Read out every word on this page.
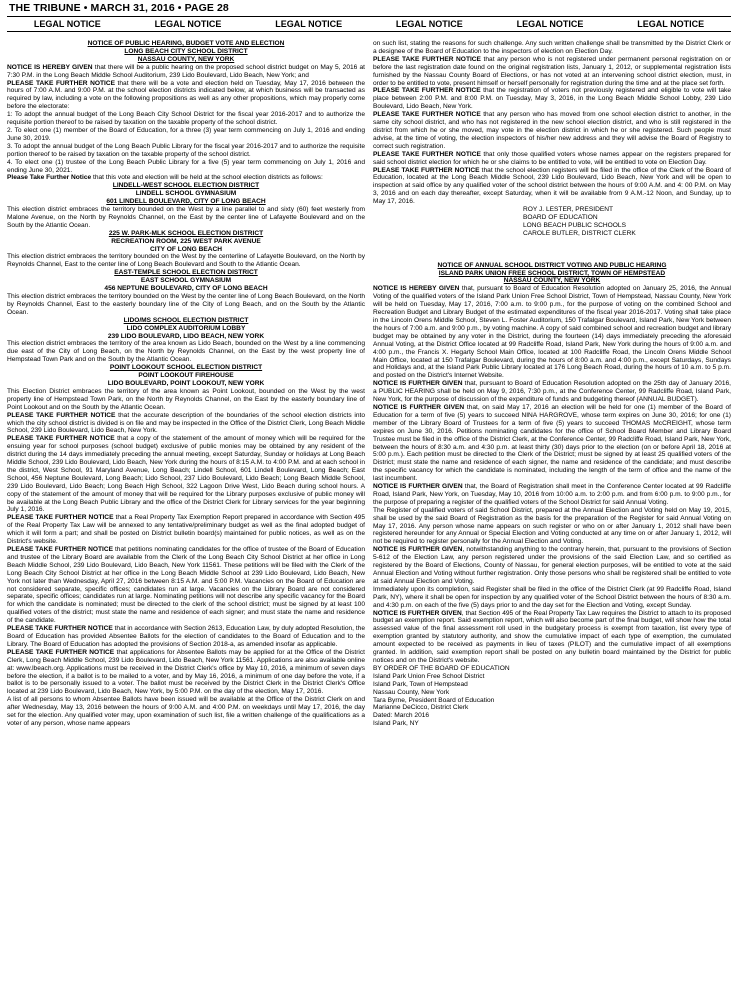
THE TRIBUNE • MARCH 31, 2016 • PAGE 28
LEGAL NOTICE	LEGAL NOTICE	LEGAL NOTICE	LEGAL NOTICE	LEGAL NOTICE	LEGAL NOTICE

NOTICE OF PUBLIC HEARING, BUDGET VOTE AND ELECTION

LONG BEACH CITY SCHOOL DISTRICT

NASSAU COUNTY, NEW YORK

NOTICE IS HEREBY GIVEN that there will be a public hearing on the proposed school district budget on May 5, 2016 at 7:30 P.M. in the Long Beach Middle School Auditorium, 239 Lido Boulevard, Lido Beach, New York; and

PLEASE TAKE FURTHER NOTICE that there will be a vote and election held on Tuesday, May 17, 2016 between the hours of 7:00 A.M. and 9:00 P.M. at the school election districts indicated below, at which business will be transacted as required by law, including a vote on the following propositions as well as any other propositions, which may properly come before the electorate:

1: To adopt the annual budget of the Long Beach City School District for the fiscal year 2016-2017 and to authorize the requisite portion thereof to be raised by taxation on the taxable property of the school district.

2. To elect one (1) member of the Board of Education, for a three (3) year term commencing on July 1, 2016 and ending June 30, 2019.

3. To adopt the annual budget of the Long Beach Public Library for the fiscal year 2016-2017 and to authorize the requisite portion thereof to be raised by taxation on the taxable property of the school district.

4. To elect one (1) trustee of the Long Beach Public Library for a five (5) year term commencing on July 1, 2016 and ending June 30, 2021.

Please Take Further Notice that this vote and election will be held at the school election districts as follows:

LINDELL-WEST SCHOOL ELECTION DISTRICT

LINDELL SCHOOL GYMNASIUM

601 LINDELL BOULEVARD, CITY OF LONG BEACH

This election district embraces the territory bounded on the West by a line parallel to and sixty (60) feet westerly from Malone Avenue, on the North by Reynolds Channel, on the East by the center line of Lafayette Boulevard and on the South by the Atlantic Ocean.

225 W. PARK-MLK SCHOOL ELECTION DISTRICT

RECREATION ROOM, 225 WEST PARK AVENUE

CITY OF LONG BEACH

This election district embraces the territory bounded on the West by the centerline of Lafayette Boulevard, on the North by Reynolds Channel, East to the center line of Long Beach Boulevard and South to the Atlantic Ocean.

EAST-TEMPLE SCHOOL ELECTION DISTRICT

EAST SCHOOL GYMNASIUM

456 NEPTUNE BOULEVARD, CITY OF LONG BEACH

This election district embraces the territory bounded on the West by the center line of Long Beach Boulevard, on the North by Reynolds Channel, East to the easterly boundary line of the City of Long Beach, and on the South by the Atlantic Ocean.

LIDO/MS SCHOOL ELECTION DISTRICT

LIDO COMPLEX AUDITORIUM LOBBY

239 LIDO BOULEVARD, LIDO BEACH, NEW YORK

This election district embraces the territory of the area known as Lido Beach, bounded on the West by a line commencing due east of the City of Long Beach, on the North by Reynolds Channel, on the East by the west property line of Hempstead Town Park and on the South by the Atlantic Ocean.

POINT LOOKOUT SCHOOL ELECTION DISTRICT

POINT LOOKOUT FIREHOUSE

LIDO BOULEVARD, POINT LOOKOUT, NEW YORK

This Election District embraces the territory of the area known as Point Lookout, bounded on the West by the west property line of Hempstead Town Park, on the North by Reynolds Channel, on the East by the easterly boundary line of Point Lookout and on the South by the Atlantic Ocean.

PLEASE TAKE FURTHER NOTICE that the accurate description of the boundaries of the school election districts into which the city school district is divided is on file and may be inspected in the Office of the District Clerk, Long Beach Middle School, 239 Lido Boulevard, Lido Beach, New York.

PLEASE TAKE FURTHER NOTICE that a copy of the statement of the amount of money which will be required for the ensuing year for school purposes (school budget) exclusive of public monies may be obtained by any resident of the district during the 14 days immediately preceding the annual meeting, except Saturday, Sunday or holidays at Long Beach Middle School, 239 Lido Boulevard, Lido Beach, New York during the hours of 8:15 A.M. to 4:00 P.M. and at each school in the district, West School, 91 Maryland Avenue, Long Beach; Lindell School, 601 Lindell Boulevard, Long Beach; East School, 456 Neptune Boulevard, Long Beach; Lido School, 237 Lido Boulevard, Lido Beach; Long Beach Middle School, 239 Lido Boulevard, Lido Beach; Long Beach High School, 322 Lagoon Drive West, Lido Beach during school hours. A copy of the statement of the amount of money that will be required for the Library purposes exclusive of public money will be available at the Long Beach Public Library and the office of the District Clerk for Library services for the year beginning July 1, 2016.

PLEASE TAKE FURTHER NOTICE that a Real Property Tax Exemption Report prepared in accordance with Section 495 of the Real Property Tax Law will be annexed to any tentative/preliminary budget as well as the final adopted budget of which it will form a part; and shall be posted on District bulletin board(s) maintained for public notices, as well as on the District's website.

PLEASE TAKE FURTHER NOTICE that petitions nominating candidates for the office of trustee of the Board of Education and trustee of the Library Board are available from the Clerk of the Long Beach City School District at her office in Long Beach Middle School, 239 Lido Boulevard, Lido Beach, New York 11561. These petitions will be filed with the Clerk of the Long Beach City School District at her office in the Long Beach Middle School at 239 Lido Boulevard, Lido Beach, New York not later than Wednesday, April 27, 2016 between 8:15 A.M. and 5:00 P.M. Vacancies on the Board of Education are not considered separate, specific offices; candidates run at large. Vacancies on the Library Board are not considered separate, specific offices; candidates run at large. Nominating petitions will not describe any specific vacancy for the Board for which the candidate is nominated; must be directed to the clerk of the school district; must be signed by at least 100 qualified voters of the district; must state the name and residence of each signer; and must state the name and residence of the candidate.

PLEASE TAKE FURTHER NOTICE that in accordance with Section 2613, Education Law, by duly adopted Resolution, the Board of Education has provided Absentee Ballots for the election of candidates to the Board of Education and to the Library. The Board of Education has adopted the provisions of Section 2018-a, as amended insofar as applicable.

PLEASE TAKE FURTHER NOTICE that applications for Absentee Ballots may be applied for at the Office of the District Clerk, Long Beach Middle School, 239 Lido Boulevard, Lido Beach, New York 11561. Applications are also available online at: www.lbeach.org. Applications must be received in the District Clerk's office by May 10, 2016, a minimum of seven days before the election, if a ballot is to be mailed to a voter, and by May 16, 2016, a minimum of one day before the vote, if a ballot is to be personally issued to a voter. The ballot must be received by the District Clerk in the District Clerk's Office located at 239 Lido Boulevard, Lido Beach, New York, by 5:00 P.M. on the day of the election, May 17, 2016.

A list of all persons to whom Absentee Ballots have been issued will be available at the Office of the District Clerk on and after Wednesday, May 13, 2016 between the hours of 9:00 A.M. and 4:00 P.M. on weekdays until May 17, 2016, the day set for the election. Any qualified voter may, upon examination of such list, file a written challenge of the qualifications as a voter of any person, whose name appears

on such list, stating the reasons for such challenge. Any such written challenge shall be transmitted by the District Clerk or a designee of the Board of Education to the inspectors of election on Election Day.

PLEASE TAKE FURTHER NOTICE that any person who is not registered under permanent personal registration on or before the last registration date found on the original registration lists, January 1, 2012, or supplemental registration lists furnished by the Nassau County Board of Elections, or has not voted at an intervening school district election, must, in order to be entitled to vote, present himself or herself personally for registration during the time and at the place set forth.

PLEASE TAKE FURTHER NOTICE that the registration of voters not previously registered and eligible to vote will take place between 2:00 P.M. and 8:00 P.M. on Tuesday, May 3, 2016, in the Long Beach Middle School Lobby, 239 Lido Boulevard, Lido Beach, New York.

PLEASE TAKE FURTHER NOTICE that any person who has moved from one school election district to another, in the same city school district, and who has not registered in the new school election district, and who is still registered in the district from which he or she moved, may vote in the election district in which he or she registered. Such people must advise, at the time of voting, the election inspectors of his/her new address and they will advise the Board of Registry to correct such registration.

PLEASE TAKE FURTHER NOTICE that only those qualified voters whose names appear on the registers prepared for said school district election for which he or she claims to be entitled to vote, will be entitled to vote on Election Day.

PLEASE TAKE FURTHER NOTICE that the school election registers will be filed in the office of the Clerk of the Board of Education, located at the Long Beach Middle School, 239 Lido Boulevard, Lido Beach, New York and will be open to inspection at said office by any qualified voter of the school district between the hours of 9:00 A.M. and 4: 00 P.M. on May 3, 2016 and on each day thereafter, except Saturday, when it will be available from 9 A.M.-12 Noon, and Sunday, up to May 17, 2016.

ROY J. LESTER, PRESIDENT

BOARD OF EDUCATION

LONG BEACH PUBLIC SCHOOLS

CAROLE BUTLER, DISTRICT CLERK

NOTICE OF ANNUAL SCHOOL DISTRICT VOTING AND PUBLIC HEARING

ISLAND PARK UNION FREE SCHOOL DISTRICT, TOWN OF HEMPSTEAD

NASSAU COUNTY, NEW YORK

NOTICE IS HEREBY GIVEN that, pursuant to Board of Education Resolution adopted on January 25, 2016, the Annual Voting of the qualified voters of the Island Park Union Free School District, Town of Hempstead, Nassau County, New York will be held on Tuesday, May 17, 2016, 7:00 a.m. to 9:00 p.m., for the purpose of voting on the combined School and Recreation Budget and Library Budget of the estimated expenditures of the fiscal year 2016-2017. Voting shall take place in the Lincoln Orens Middle School, Steven L. Foster Auditorium, 150 Trafalgar Boulevard, Island Park, New York between the hours of 7:00 a.m. and 9:00 p.m., by voting machine. A copy of said combined school and recreation budget and library budget may be obtained by any voter in the District, during the fourteen (14) days immediately preceding the aforesaid Annual Voting, at the District Office located at 99 Radcliffe Road, Island Park, New York during the hours of 9:00 a.m. and 4:00 p.m., the Francis X. Hegarty School Main Office, located at 100 Radcliffe Road, the Lincoln Orens Middle School Main Office, located at 150 Trafalgar Boulevard, during the hours of 8:00 a.m. and 4:00 p.m., except Saturdays, Sundays and Holidays and, at the Island Park Public Library located at 176 Long Beach Road, during the hours of 10 a.m. to 5 p.m. and posted on the District's Internet Website.

NOTICE IS FURTHER GIVEN that, pursuant to Board of Education Resolution adopted on the 25th day of January 2016, a PUBLIC HEARING shall be held on May 9, 2016, 7:30 p.m., at the Conference Center, 99 Radcliffe Road, Island Park, New York, for the purpose of discussion of the expenditure of funds and budgeting thereof (ANNUAL BUDGET).

NOTICE IS FURTHER GIVEN that, on said May 17, 2016 an election will be held for one (1) member of the Board of Education for a term of five (5) years to succeed NINA HARGROVE, whose term expires on June 30, 2016; for one (1) member of the Library Board of Trustees for a term of five (5) years to succeed THOMAS McCREIGHT, whose term expires on June 30, 2016. Petitions nominating candidates for the office of School Board Member and Library Board Trustee must be filed in the office of the District Clerk, at the Conference Center, 99 Radcliffe Road, Island Park, New York, between the hours of 8:30 a.m. and 4:30 p.m. at least thirty (30) days prior to the election (on or before April 18, 2016 at 5:00 p.m.). Each petition must be directed to the Clerk of the District; must be signed by at least 25 qualified voters of the District; must state the name and residence of each signer, the name and residence of the candidate; and must describe the specific vacancy for which the candidate is nominated, including the length of the term of office and the name of the last incumbent.

NOTICE IS FURTHER GIVEN that, the Board of Registration shall meet in the Conference Center located at 99 Radcliffe Road, Island Park, New York, on Tuesday, May 10, 2016 from 10:00 a.m. to 2:00 p.m. and from 6:00 p.m. to 9:00 p.m., for the purpose of preparing a register of the qualified voters of the School District for said Annual Voting.

The Register of qualified voters of said School District, prepared at the Annual Election and Voting held on May 19, 2015, shall be used by the said Board of Registration as the basis for the preparation of the Register for said Annual Voting on May 17, 2016. Any person whose name appears on such register or who on or after January 1, 2012 shall have been registered hereunder for any Annual or Special Election and Voting conducted at any time on or after January 1, 2012, will not be required to register personally for the Annual Election and Voting.

NOTICE IS FURTHER GIVEN, notwithstanding anything to the contrary herein, that, pursuant to the provisions of Section 5-612 of the Election Law, any person registered under the provisions of the said Election Law, and so certified as registered by the Board of Elections, County of Nassau, for general election purposes, will be entitled to vote at the said Annual Election and Voting without further registration. Only those persons who shall be registered shall be entitled to vote at said Annual Election and Voting.

Immediately upon its completion, said Register shall be filed in the office of the District Clerk (at 99 Radcliffe Road, Island Park, NY), where it shall be open for inspection by any qualified voter of the School District between the hours of 8:30 a.m. and 4:30 p.m. on each of the five (5) days prior to and the day set for the Election and Voting, except Sunday.

NOTICE IS FURTHER GIVEN, that Section 495 of the Real Property Tax Law requires the District to attach to its proposed budget an exemption report. Said exemption report, which will also become part of the final budget, will show how the total assessed value of the final assessment roll used in the budgetary process is exempt from taxation, list every type of exemption granted by statutory authority, and show the cumulative impact of each type of exemption, the cumulated amount expected to be received as payments in lieu of taxes (PILOT) and the cumulative impact of all exemptions granted. In addition, said exemption report shall be posted on any bulletin board maintained by the District for public notices and on the District's website.

BY ORDER OF THE BOARD OF EDUCATION

Island Park Union Free School District

Island Park, Town of Hempstead

Nassau County, New York

Tara Byrne, President Board of Education

Marianne DeCicco, District Clerk

Dated: March 2016

Island Park, NY
